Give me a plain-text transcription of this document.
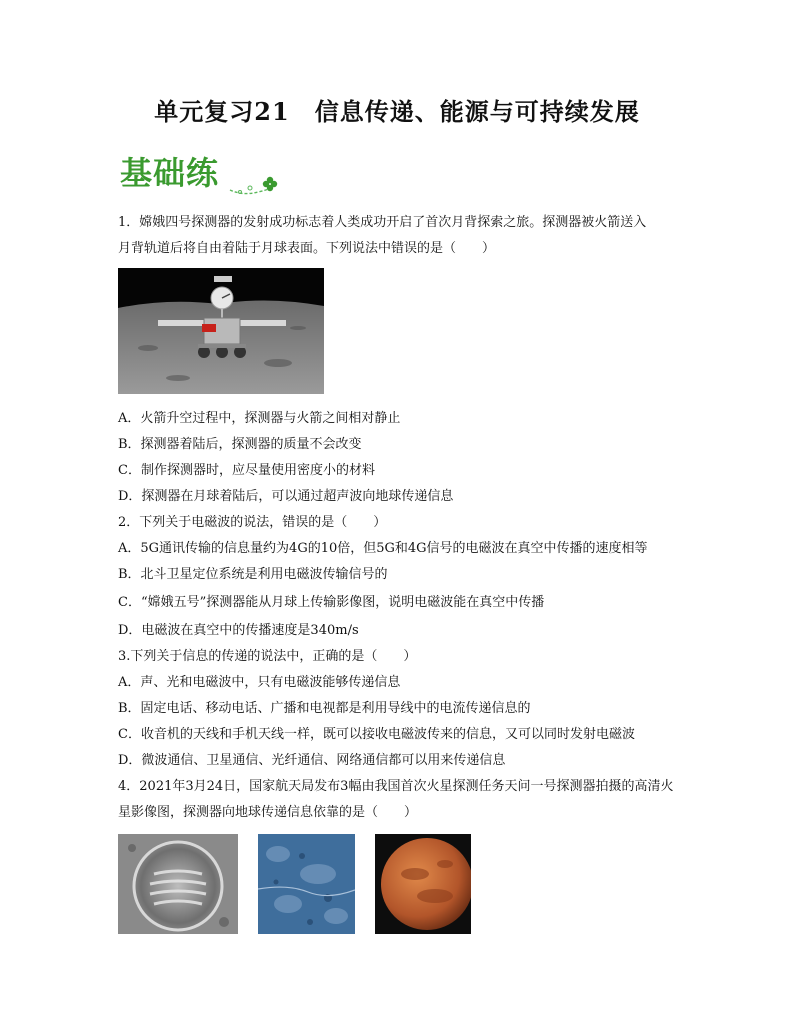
单元复习21　信息传递、能源与可持续发展
基础练
1．嫦娥四号探测器的发射成功标志着人类成功开启了首次月背探索之旅。探测器被火箭送入
月背轨道后将自由着陆于月球表面。下列说法中错误的是（　　）
A．火箭升空过程中，探测器与火箭之间相对静止
B．探测器着陆后，探测器的质量不会改变
C．制作探测器时，应尽量使用密度小的材料
D．探测器在月球着陆后，可以通过超声波向地球传递信息
2．下列关于电磁波的说法，错误的是（　　）
A．5G通讯传输的信息量约为4G的10倍，但5G和4G信号的电磁波在真空中传播的速度相等
B．北斗卫星定位系统是利用电磁波传输信号的
C．“嫦娥五号”探测器能从月球上传输影像图，说明电磁波能在真空中传播
D．电磁波在真空中的传播速度是340m/s
3.下列关于信息的传递的说法中，正确的是（　　）
A．声、光和电磁波中，只有电磁波能够传递信息
B．固定电话、移动电话、广播和电视都是利用导线中的电流传递信息的
C．收音机的天线和手机天线一样，既可以接收电磁波传来的信息，又可以同时发射电磁波
D．微波通信、卫星通信、光纤通信、网络通信都可以用来传递信息
4．2021年3月24日，国家航天局发布3幅由我国首次火星探测任务天问一号探测器拍摄的高清火
星影像图，探测器向地球传递信息依靠的是（　　）
